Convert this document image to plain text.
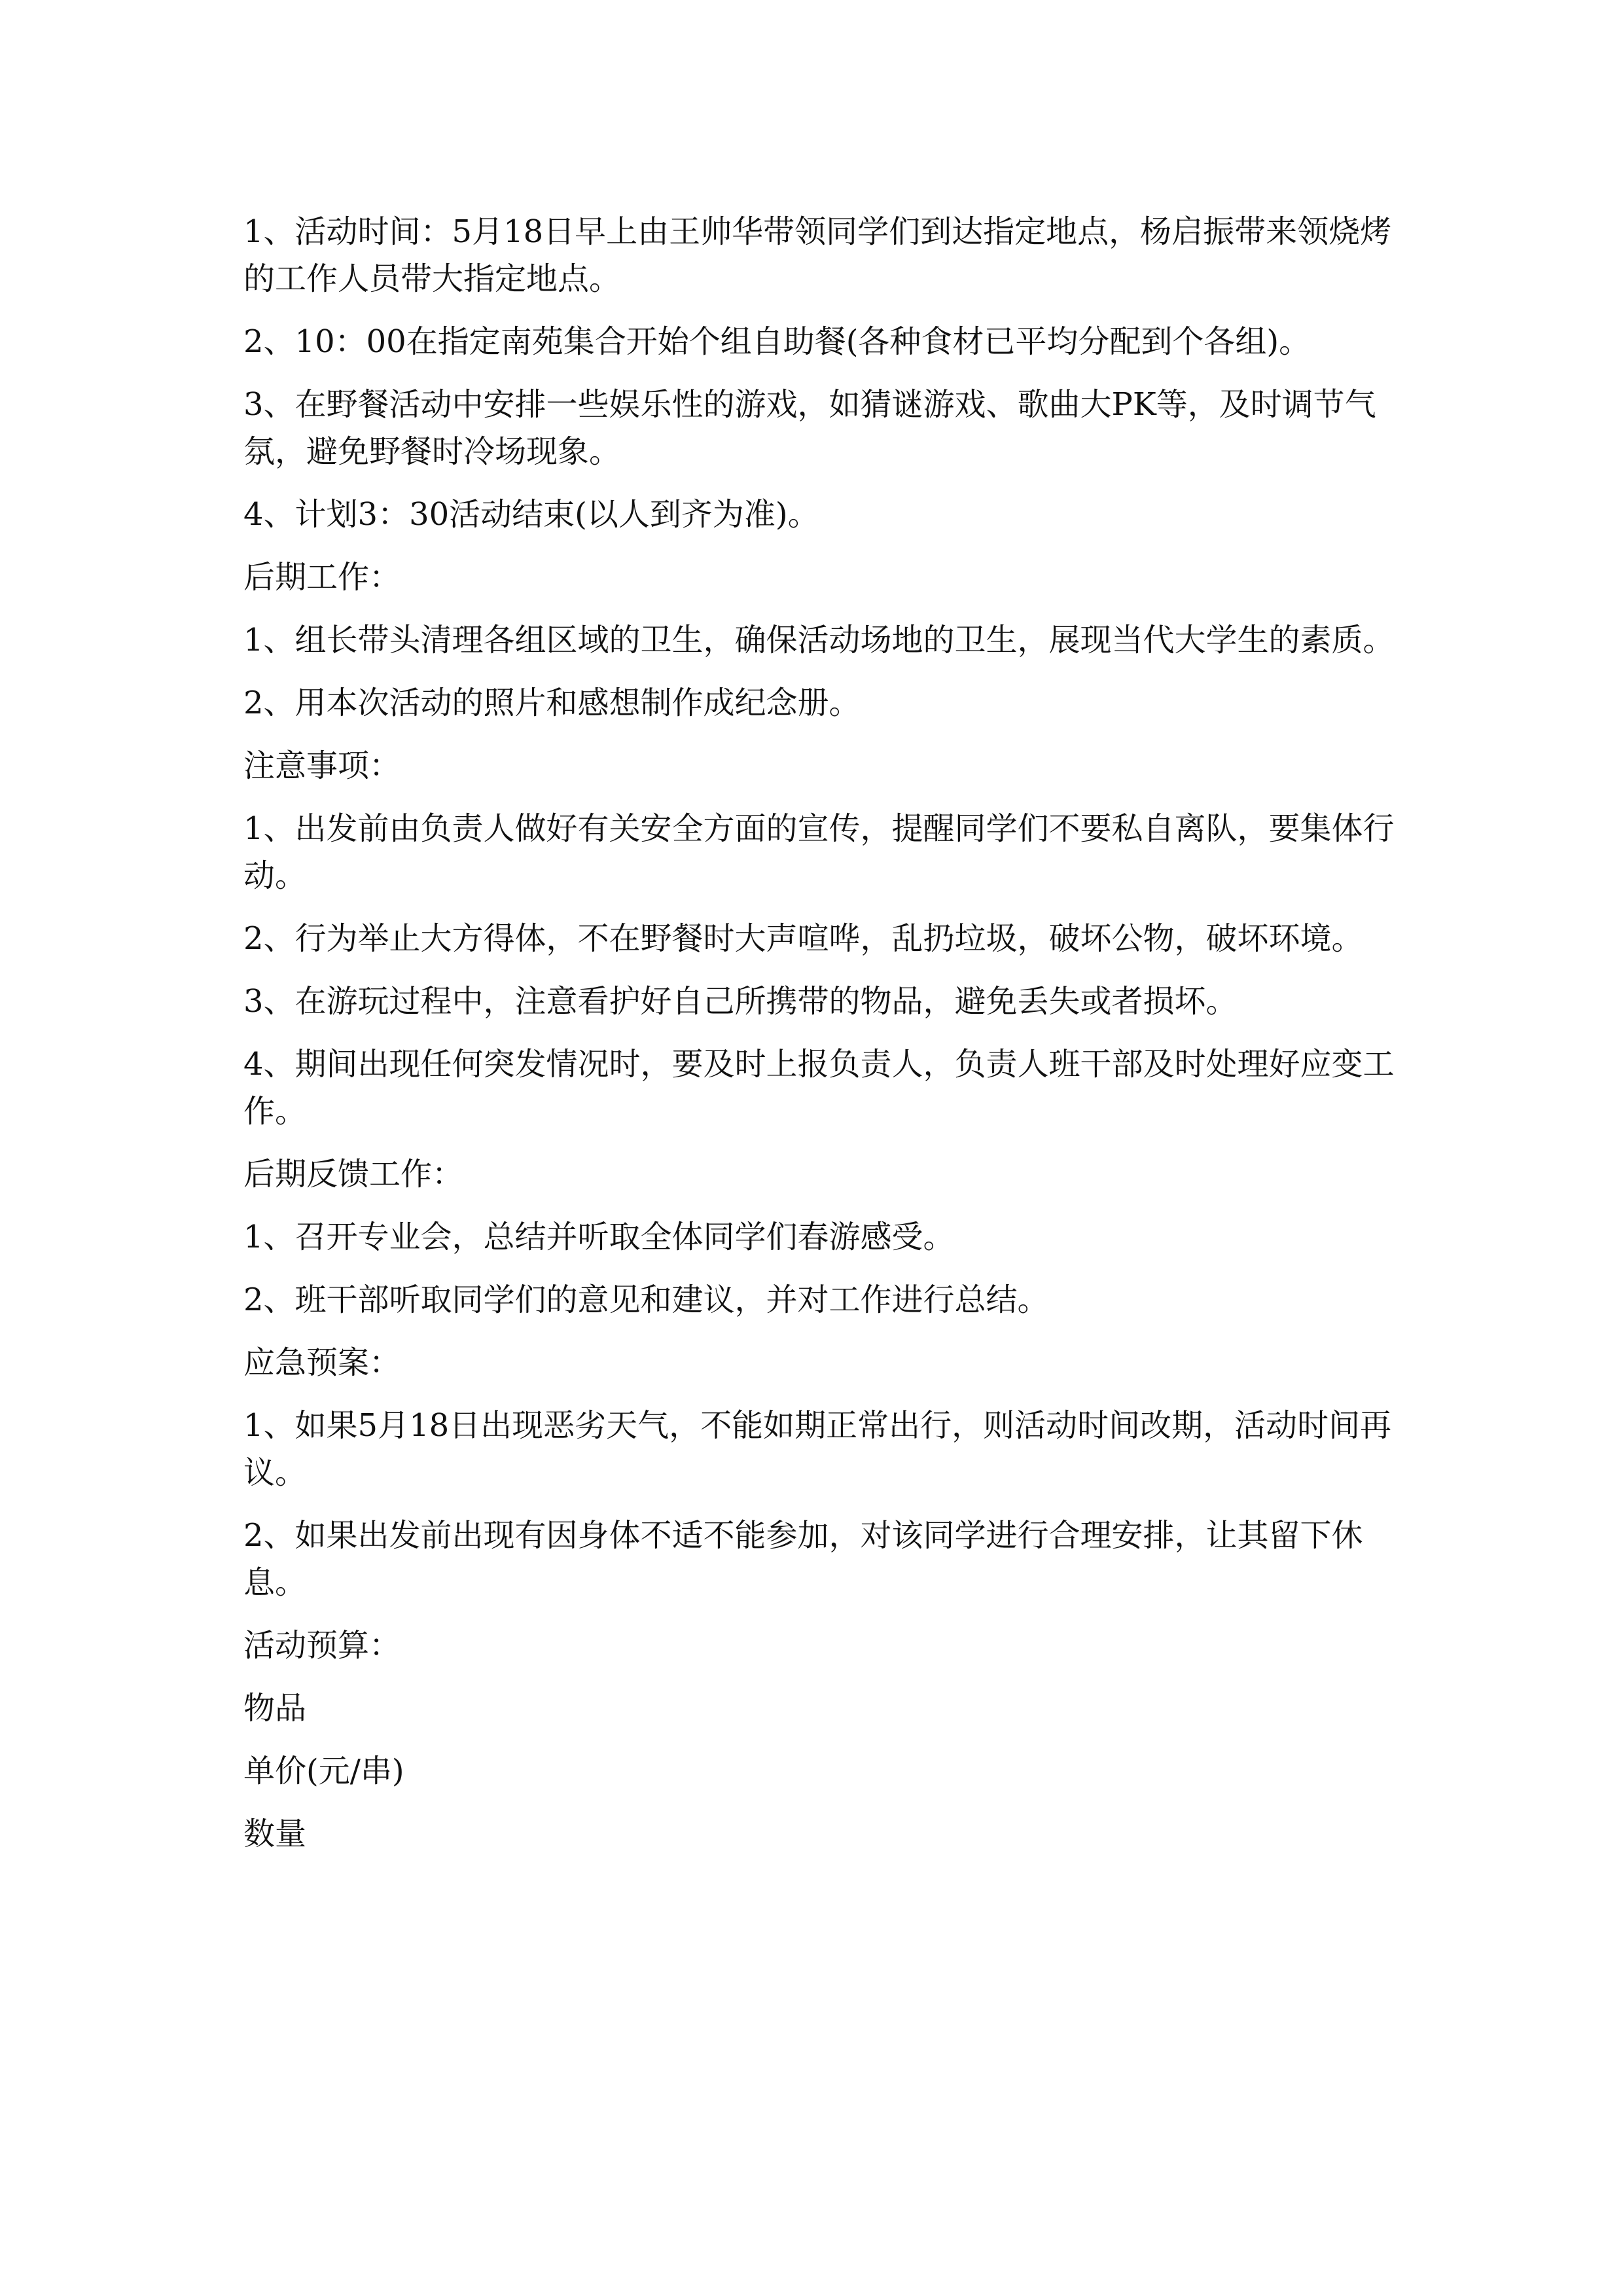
1、活动时间：5月18日早上由王帅华带领同学们到达指定地点，杨启振带来领烧烤的工作人员带大指定地点。

2、10：00在指定南苑集合开始个组自助餐(各种食材已平均分配到个各组)。

3、在野餐活动中安排一些娱乐性的游戏，如猜谜游戏、歌曲大PK等，及时调节气氛，避免野餐时冷场现象。

4、计划3：30活动结束(以人到齐为准)。

后期工作：

1、组长带头清理各组区域的卫生，确保活动场地的卫生，展现当代大学生的素质。

2、用本次活动的照片和感想制作成纪念册。

注意事项：

1、出发前由负责人做好有关安全方面的宣传，提醒同学们不要私自离队，要集体行动。

2、行为举止大方得体，不在野餐时大声喧哗，乱扔垃圾，破坏公物，破坏环境。

3、在游玩过程中，注意看护好自己所携带的物品，避免丢失或者损坏。

4、期间出现任何突发情况时，要及时上报负责人，负责人班干部及时处理好应变工作。

后期反馈工作：

1、召开专业会，总结并听取全体同学们春游感受。

2、班干部听取同学们的意见和建议，并对工作进行总结。

应急预案：

1、如果5月18日出现恶劣天气，不能如期正常出行，则活动时间改期，活动时间再议。

2、如果出发前出现有因身体不适不能参加，对该同学进行合理安排，让其留下休息。

活动预算：

物品

单价(元/串)

数量
